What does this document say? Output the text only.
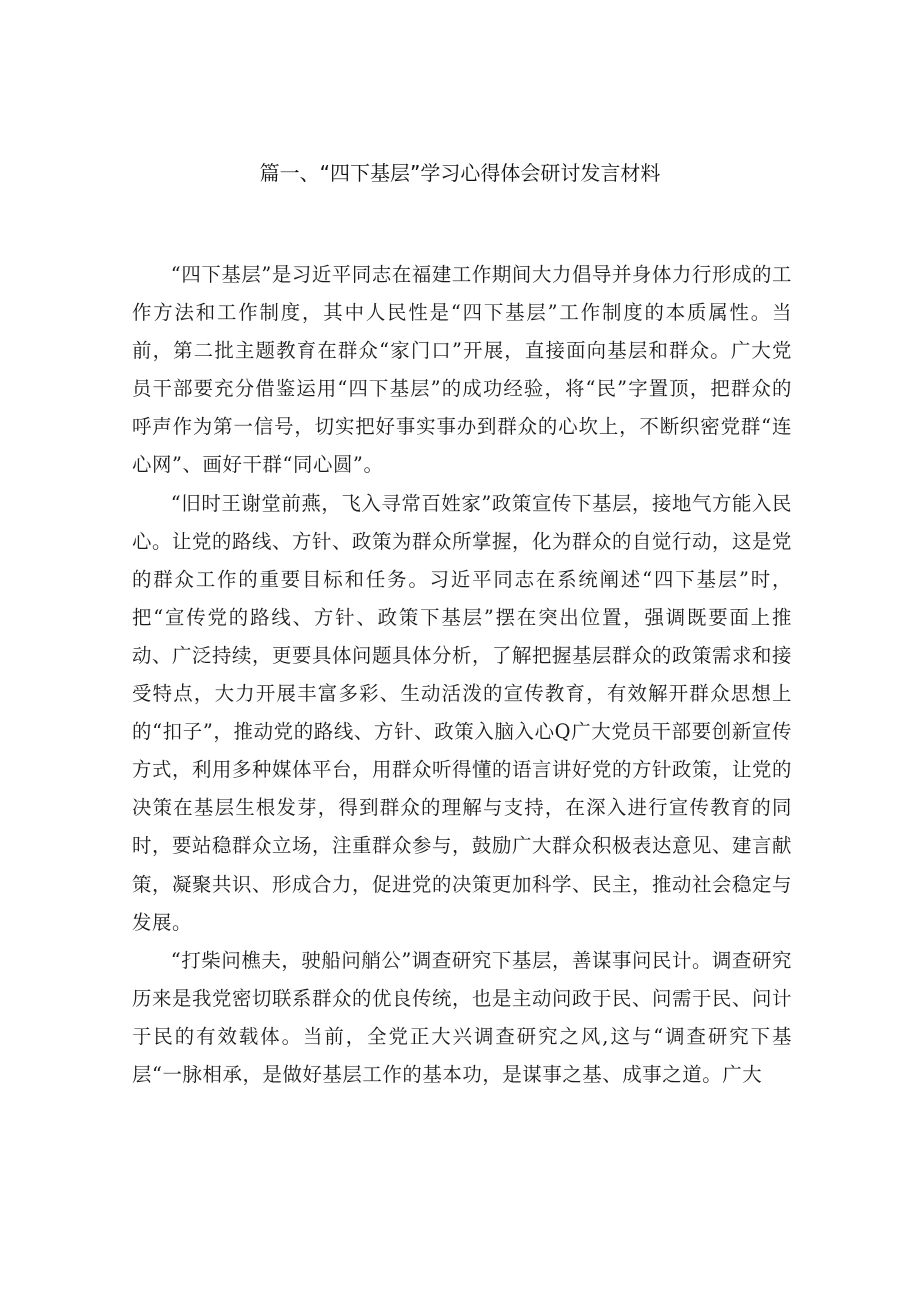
篇一、“四下基层”学习心得体会研讨发言材料

“四下基层”是习近平同志在福建工作期间大力倡导并身体力行形成的工作方法和工作制度，其中人民性是“四下基层”工作制度的本质属性。当前，第二批主题教育在群众“家门口”开展，直接面向基层和群众。广大党员干部要充分借鉴运用“四下基层”的成功经验，将“民”字置顶，把群众的呼声作为第一信号，切实把好事实事办到群众的心坎上，不断织密党群“连心网”、画好干群“同心圆”。

“旧时王谢堂前燕，飞入寻常百姓家”政策宣传下基层，接地气方能入民心。让党的路线、方针、政策为群众所掌握，化为群众的自觉行动，这是党的群众工作的重要目标和任务。习近平同志在系统阐述“四下基层”时，把“宣传党的路线、方针、政策下基层”摆在突出位置，强调既要面上推动、广泛持续，更要具体问题具体分析，了解把握基层群众的政策需求和接受特点，大力开展丰富多彩、生动活泼的宣传教育，有效解开群众思想上的“扣子”，推动党的路线、方针、政策入脑入心Q广大党员干部要创新宣传方式，利用多种媒体平台，用群众听得懂的语言讲好党的方针政策，让党的决策在基层生根发芽，得到群众的理解与支持，在深入进行宣传教育的同时，要站稳群众立场，注重群众参与，鼓励广大群众积极表达意见、建言献策，凝聚共识、形成合力，促进党的决策更加科学、民主，推动社会稳定与发展。

“打柴问樵夫，驶船问艄公”调查研究下基层，善谋事问民计。调查研究历来是我党密切联系群众的优良传统，也是主动问政于民、问需于民、问计于民的有效载体。当前，全党正大兴调查研究之风,这与“调查研究下基层“一脉相承，是做好基层工作的基本功，是谋事之基、成事之道。广大
